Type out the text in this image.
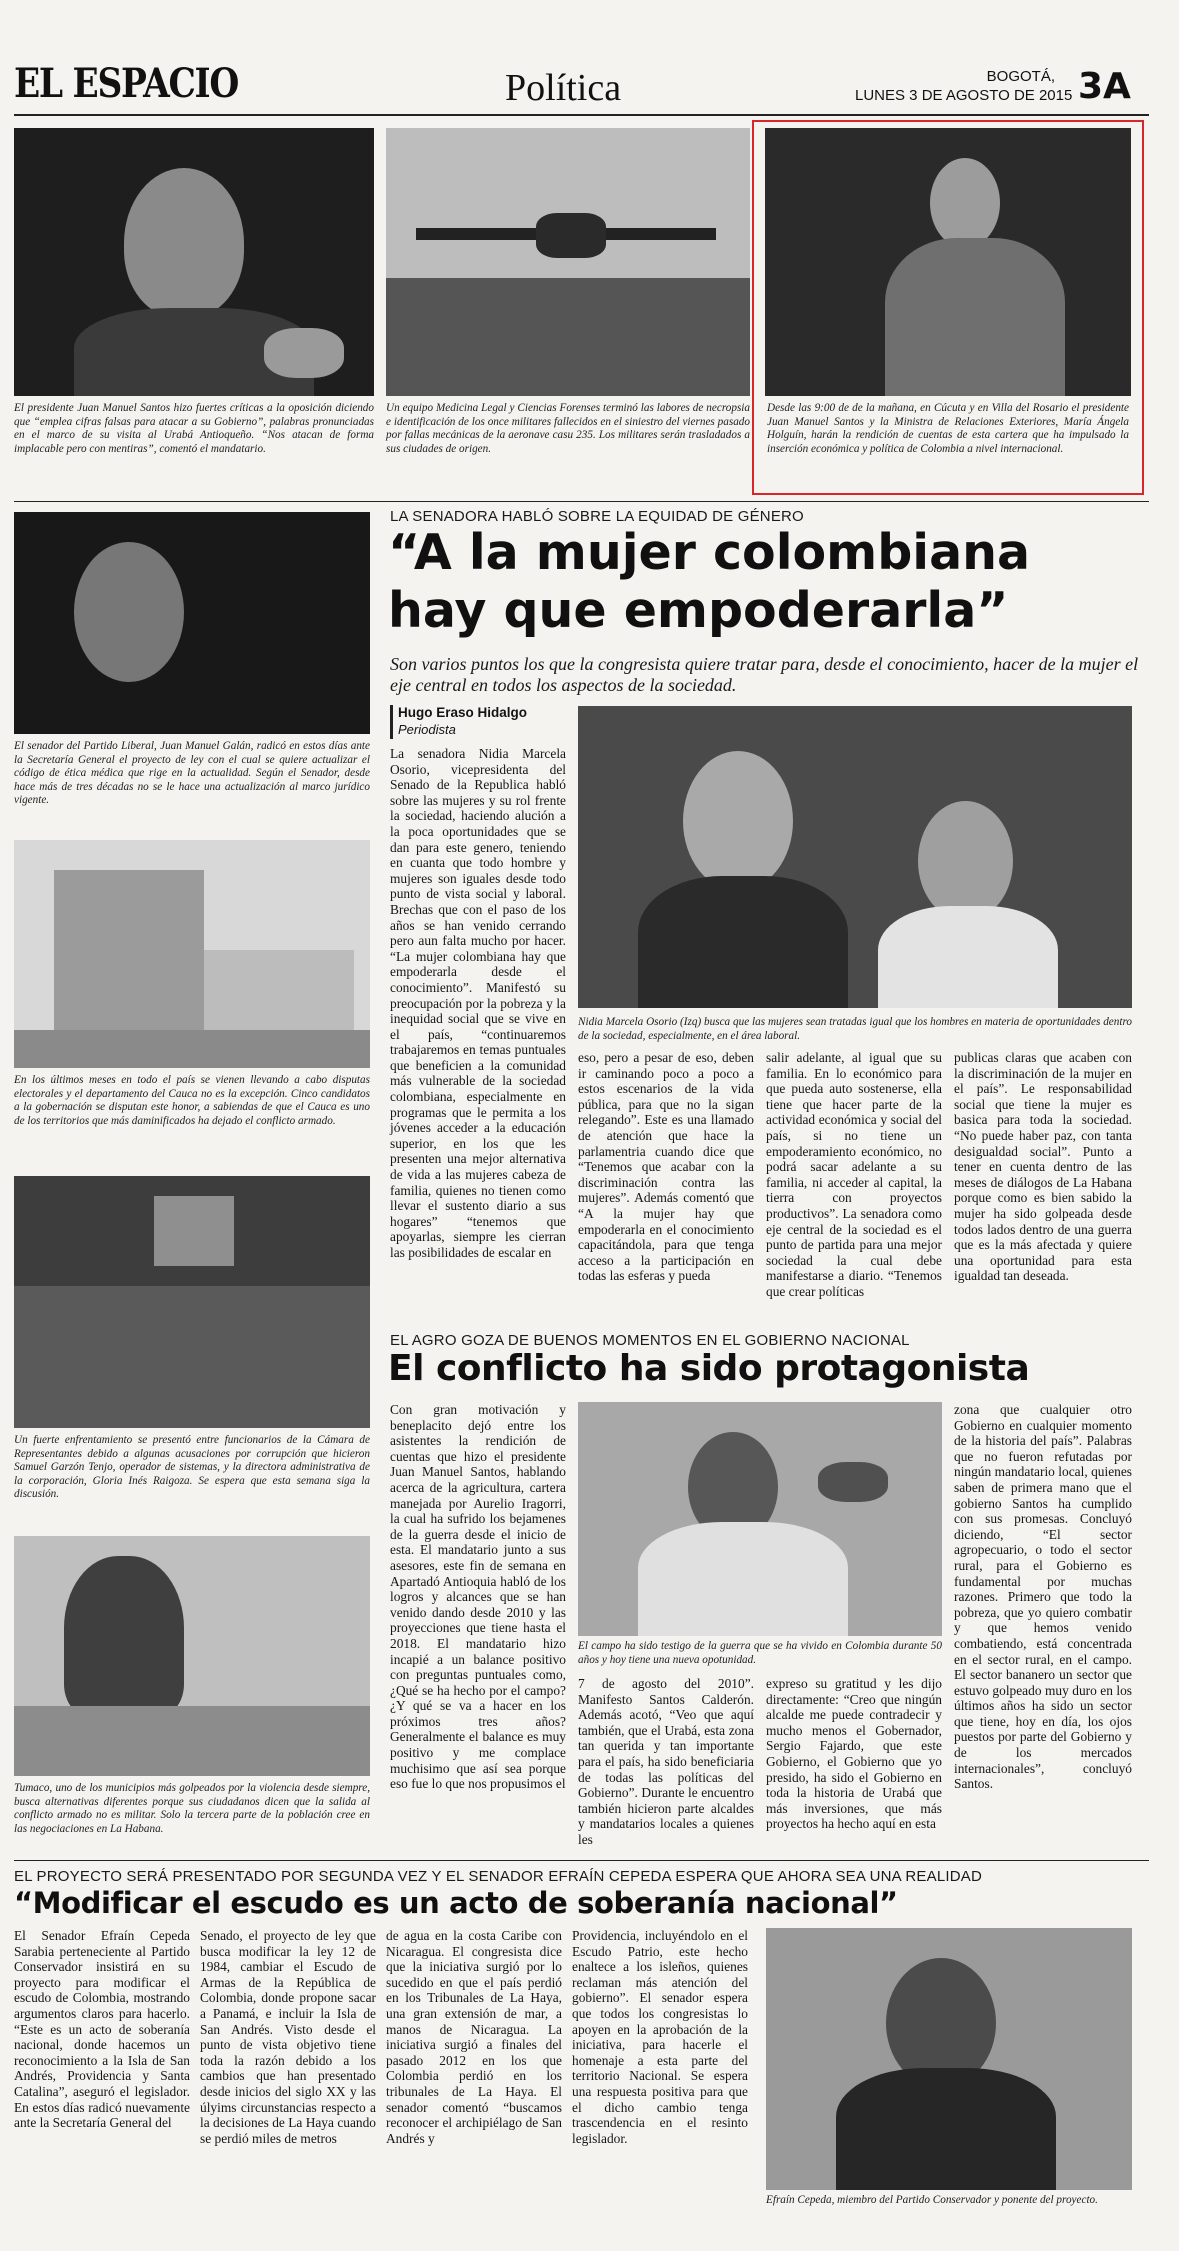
EL ESPACIO	Política	BOGOTÁ,
LUNES 3 DE AGOSTO DE 2015 3A
El presidente Juan Manuel Santos hizo fuertes críticas a la oposición diciendo que “emplea cifras falsas para atacar a su Gobierno”, palabras pronunciadas en el marco de su visita al Urabá Antioqueño. “Nos atacan de forma implacable pero con mentiras”, comentó el mandatario.
Un equipo Medicina Legal y Ciencias Forenses terminó las labores de necropsia e identificación de los once militares fallecidos en el siniestro del viernes pasado por fallas mecánicas de la aeronave casu 235. Los militares serán trasladados a sus ciudades de origen.
Desde las 9:00 de de la mañana, en Cúcuta y en Villa del Rosario el presidente Juan Manuel Santos y la Ministra de Relaciones Exteriores, María Ángela Holguín, harán la rendición de cuentas de esta cartera que ha impulsado la inserción económica y política de Colombia a nivel internacional.
El senador del Partido Liberal, Juan Manuel Galán, radicó en estos días ante la Secretaría General el proyecto de ley con el cual se quiere actualizar el código de ética médica que rige en la actualidad. Según el Senador, desde hace más de tres décadas no se le hace una actualización al marco jurídico vigente.
En los últimos meses en todo el país se vienen llevando a cabo disputas electorales y el departamento del Cauca no es la excepción. Cinco candidatos a la gobernación se disputan este honor, a sabiendas de que el Cauca es uno de los territorios que más daminificados ha dejado el conflicto armado.
Un fuerte enfrentamiento se presentó entre funcionarios de la Cámara de Representantes debido a algunas acusaciones por corrupción que hicieron Samuel Garzón Tenjo, operador de sistemas, y la directora administrativa de la corporación, Gloria Inés Raigoza. Se espera que esta semana siga la discusión.
Tumaco, uno de los municipios más golpeados por la violencia desde siempre, busca alternativas diferentes porque sus ciudadanos dicen que la salida al conflicto armado no es militar. Solo la tercera parte de la población cree en las negociaciones en La Habana.
LA SENADORA HABLÓ SOBRE LA EQUIDAD DE GÉNERO
“A la mujer colombiana
hay que empoderarla”
Son varios puntos los que la congresista quiere tratar para, desde el conocimiento, hacer de la mujer el eje central en todos los aspectos de la sociedad.
Hugo Eraso Hidalgo
Periodista
Nidia Marcela Osorio (Izq) busca que las mujeres sean tratadas igual que los hombres en materia de oportunidades dentro de la sociedad, especialmente, en el área laboral.
La senadora Nidia Marcela Osorio, vicepresidenta del Senado de la Republica habló sobre las mujeres y su rol frente la sociedad, haciendo alución a la poca oportunidades que se dan para este genero, teniendo en cuanta que todo hombre y mujeres son iguales desde todo punto de vista social y laboral. Brechas que con el paso de los años se han venido cerrando pero aun falta mucho por hacer. “La mujer colombiana hay que empoderarla desde el conocimiento”. Manifestó su preocupación por la pobreza y la inequidad social que se vive en el país, “continuaremos trabajaremos en temas puntuales que beneficien a la comunidad más vulnerable de la sociedad colombiana, especialmente en programas que le permita a los jóvenes acceder a la educación superior, en los que les presenten una mejor alternativa de vida a las mujeres cabeza de familia, quienes no tienen como llevar el sustento diario a sus hogares” “tenemos que apoyarlas, siempre les cierran las posibilidades de escalar en
eso, pero a pesar de eso, deben ir caminando poco a poco a estos escenarios de la vida pública, para que no la sigan relegando”. Este es una llamado de atención que hace la parlamentria cuando dice que “Tenemos que acabar con la discriminación contra las mujeres”. Además comentó que “A la mujer hay que empoderarla en el conocimiento capacitándola, para que tenga acceso a la participación en todas las esferas y pueda
salir adelante, al igual que su familia. En lo económico para que pueda auto sostenerse, ella tiene que hacer parte de la actividad económica y social del país, si no tiene un empoderamiento económico, no podrá sacar adelante a su familia, ni acceder al capital, la tierra con proyectos productivos”. La senadora como eje central de la sociedad es el punto de partida para una mejor sociedad la cual debe manifestarse a diario. “Tenemos que crear políticas
publicas claras que acaben con la discriminación de la mujer en el país”. Le responsabilidad social que tiene la mujer es basica para toda la sociedad. “No puede haber paz, con tanta desigualdad social”. Punto a tener en cuenta dentro de las meses de diálogos de La Habana porque como es bien sabido la mujer ha sido golpeada desde todos lados dentro de una guerra que es la más afectada y quiere una oportunidad para esta igualdad tan deseada.
EL AGRO GOZA DE BUENOS MOMENTOS EN EL GOBIERNO NACIONAL
El conflicto ha sido protagonista
El campo ha sido testigo de la guerra que se ha vivido en Colombia durante 50 años y hoy tiene una nueva opotunidad.
Con gran motivación y beneplacito dejó entre los asistentes la rendición de cuentas que hizo el presidente Juan Manuel Santos, hablando acerca de la agricultura, cartera manejada por Aurelio Iragorri, la cual ha sufrido los bejamenes de la guerra desde el inicio de esta. El mandatario junto a sus asesores, este fin de semana en Apartadó Antioquia habló de los logros y alcances que se han venido dando desde 2010 y las proyecciones que tiene hasta el 2018. El mandatario hizo incapié a un balance positivo con preguntas puntuales como, ¿Qué se ha hecho por el campo? ¿Y qué se va a hacer en los próximos tres años? Generalmente el balance es muy positivo y me complace muchisimo que así sea porque eso fue lo que nos propusimos el
7 de agosto del 2010”. Manifesto Santos Calderón. Además acotó, “Veo que aquí también, que el Urabá, esta zona tan querida y tan importante para el país, ha sido beneficiaria de todas las políticas del Gobierno”. Durante le encuentro también hicieron parte alcaldes y mandatarios locales a quienes les
expreso su gratitud y les dijo directamente: “Creo que ningún alcalde me puede contradecir y mucho menos el Gobernador, Sergio Fajardo, que este Gobierno, el Gobierno que yo presido, ha sido el Gobierno en toda la historia de Urabá que más inversiones, que más proyectos ha hecho aquí en esta
zona que cualquier otro Gobierno en cualquier momento de la historia del país”. Palabras que no fueron refutadas por ningún mandatario local, quienes saben de primera mano que el gobierno Santos ha cumplido con sus promesas. Concluyó diciendo, “El sector agropecuario, o todo el sector rural, para el Gobierno es fundamental por muchas razones. Primero que todo la pobreza, que yo quiero combatir y que hemos venido combatiendo, está concentrada en el sector rural, en el campo. El sector bananero un sector que estuvo golpeado muy duro en los últimos años ha sido un sector que tiene, hoy en día, los ojos puestos por parte del Gobierno y de los mercados internacionales”, concluyó Santos.
EL PROYECTO SERÁ PRESENTADO POR SEGUNDA VEZ Y EL SENADOR EFRAÍN CEPEDA ESPERA QUE AHORA SEA UNA REALIDAD
“Modificar el escudo es un acto de soberanía nacional”
El Senador Efraín Cepeda Sarabia perteneciente al Partido Conservador insistirá en su proyecto para modificar el escudo de Colombia, mostrando argumentos claros para hacerlo. “Este es un acto de soberanía nacional, donde hacemos un reconocimiento a la Isla de San Andrés, Providencia y Santa Catalina”, aseguró el legislador. En estos días radicó nuevamente ante la Secretaría General del
Senado, el proyecto de ley que busca modificar la ley 12 de 1984, cambiar el Escudo de Armas de la República de Colombia, donde propone sacar a Panamá, e incluir la Isla de San Andrés. Visto desde el punto de vista objetivo tiene toda la razón debido a los cambios que han presentado desde inicios del siglo XX y las úlyims circunstancias respecto a la decisiones de La Haya cuando se perdió miles de metros
de agua en la costa Caribe con Nicaragua. El congresista dice que la iniciativa surgió por lo sucedido en que el país perdió en los Tribunales de La Haya, una gran extensión de mar, a manos de Nicaragua. La iniciativa surgió a finales del pasado 2012 en los que Colombia perdió en los tribunales de La Haya. El senador comentó “buscamos reconocer el archipiélago de San Andrés y
Providencia, incluyéndolo en el Escudo Patrio, este hecho enaltece a los isleños, quienes reclaman más atención del gobierno”. El senador espera que todos los congresistas lo apoyen en la aprobación de la iniciativa, para hacerle el homenaje a esta parte del territorio Nacional. Se espera una respuesta positiva para que el dicho cambio tenga trascendencia en el resinto legislador.
Efraín Cepeda, miembro del Partido Conservador y ponente del proyecto.
